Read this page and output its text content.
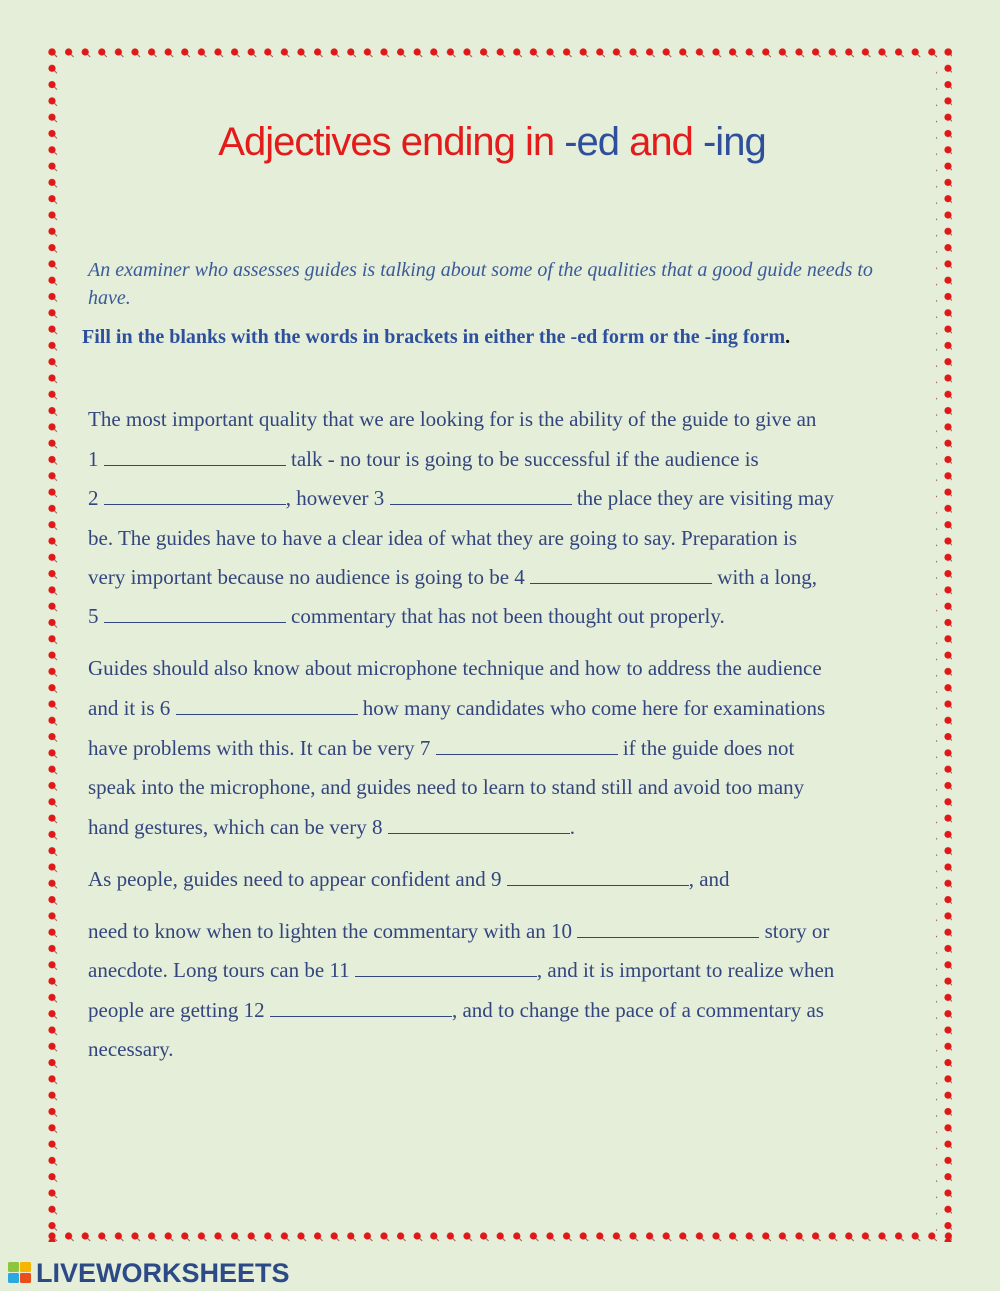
Adjectives ending in -ed and -ing
An examiner who assesses guides is talking about some of the qualities that a good guide needs to have.
Fill in the blanks with the words in brackets in either the -ed form or the -ing form.
The most important quality that we are looking for is the ability of the guide to give an
1	talk - no tour is going to be successful if the audience is
2	, however 3	the place they are visiting may
be. The guides have to have a clear idea of what they are going to say. Preparation is
very important because no audience is going to be 4	with a long,
5	commentary that has not been thought out properly.
Guides should also know about microphone technique and how to address the audience
and it is 6	how many candidates who come here for examinations
have problems with this. It can be very 7	if the guide does not
speak into the microphone, and guides need to learn to stand still and avoid too many
hand gestures, which can be very 8	.
As people, guides need to appear confident and 9	, and
need to know when to lighten the commentary with an 10	story or
anecdote. Long tours can be 11	, and it is important to realize when
people are getting 12	, and to change the pace of a commentary as
necessary.
LIVEWORKSHEETS
